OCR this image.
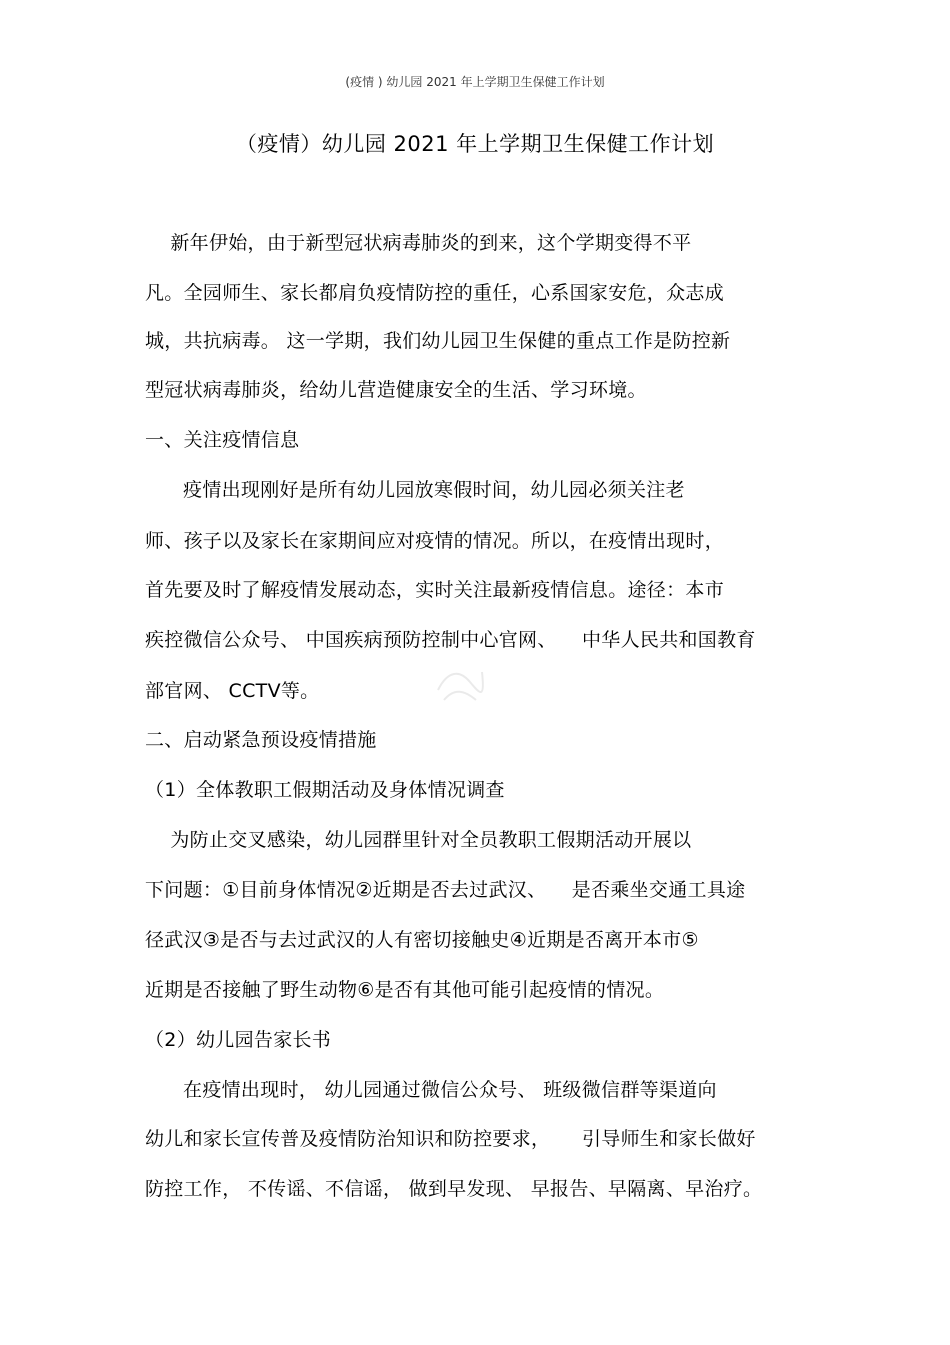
(疫情 ) 幼儿园 2021 年上学期卫生保健工作计划
（疫情）幼儿园 2021 年上学期卫生保健工作计划
新年伊始，由于新型冠状病毒肺炎的到来，这个学期变得不平
凡。全园师生、家长都肩负疫情防控的重任，心系国家安危，众志成
城，共抗病毒。 这一学期，我们幼儿园卫生保健的重点工作是防控新
型冠状病毒肺炎，给幼儿营造健康安全的生活、学习环境。
一、关注疫情信息
疫情出现刚好是所有幼儿园放寒假时间，幼儿园必须关注老
师、孩子以及家长在家期间应对疫情的情况。所以，在疫情出现时，
首先要及时了解疫情发展动态，实时关注最新疫情信息。途径：本市
疾控微信公众号、 中国疾病预防控制中心官网、    中华人民共和国教育
部官网、 CCTV等。
二、启动紧急预设疫情措施
（1）全体教职工假期活动及身体情况调查
为防止交叉感染，幼儿园群里针对全员教职工假期活动开展以
下问题：①目前身体情况②近期是否去过武汉、    是否乘坐交通工具途
径武汉③是否与去过武汉的人有密切接触史④近期是否离开本市⑤
近期是否接触了野生动物⑥是否有其他可能引起疫情的情况。
（2）幼儿园告家长书
在疫情出现时， 幼儿园通过微信公众号、 班级微信群等渠道向
幼儿和家长宣传普及疫情防治知识和防控要求，     引导师生和家长做好
防控工作， 不传谣、不信谣， 做到早发现、 早报告、早隔离、早治疗。
